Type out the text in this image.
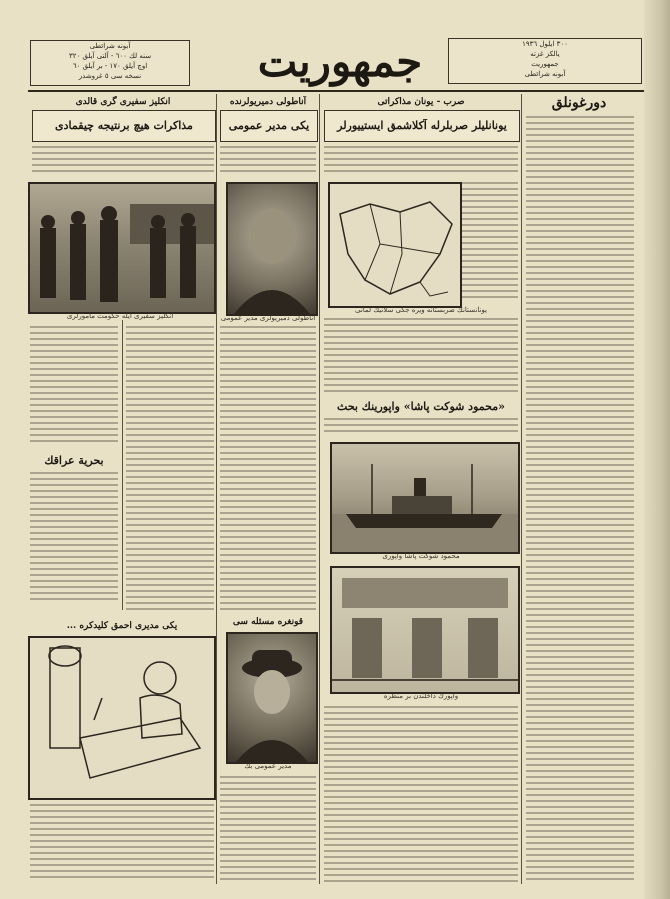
٣٠٠ ايلول ١٩٣٦
يالكز غزته
جمهوريت
آبونه شرائطى
جمهوريت
آبونه شرائطى
سنه لك ٦٠٠ - آلتى آيلق ٣٢٠
اوچ آيلق ١٧٠ - بر آيلق ٦٠
نسخه سى ٥ غروشدر
دورغونلق
صرب - يونان مذاكراتى
يونانليلر صربلرله آكلاشمق ايستييورلر
يونانستانك صربستانه ويره جكى سلانيك لمانى
«محمود شوكت پاشا» واپورينك بحث
محمود شوكت پاشا واپورى
واپورك داخلندن بر منظره
آناطولى دميريولرنده
يكى مدير عمومى
آناطولى دميريولرى مدير عمومى
قونغره مسئله سى
مدير عمومى بك
انكليز سفيرى گرى قالدى
مذاكرات هيچ برنتيجه چيقمادى
انكليز سفيرى ايله حكومت مأمورلرى
بحرية عراقك
يكى مديرى احمق كليدكره ...
